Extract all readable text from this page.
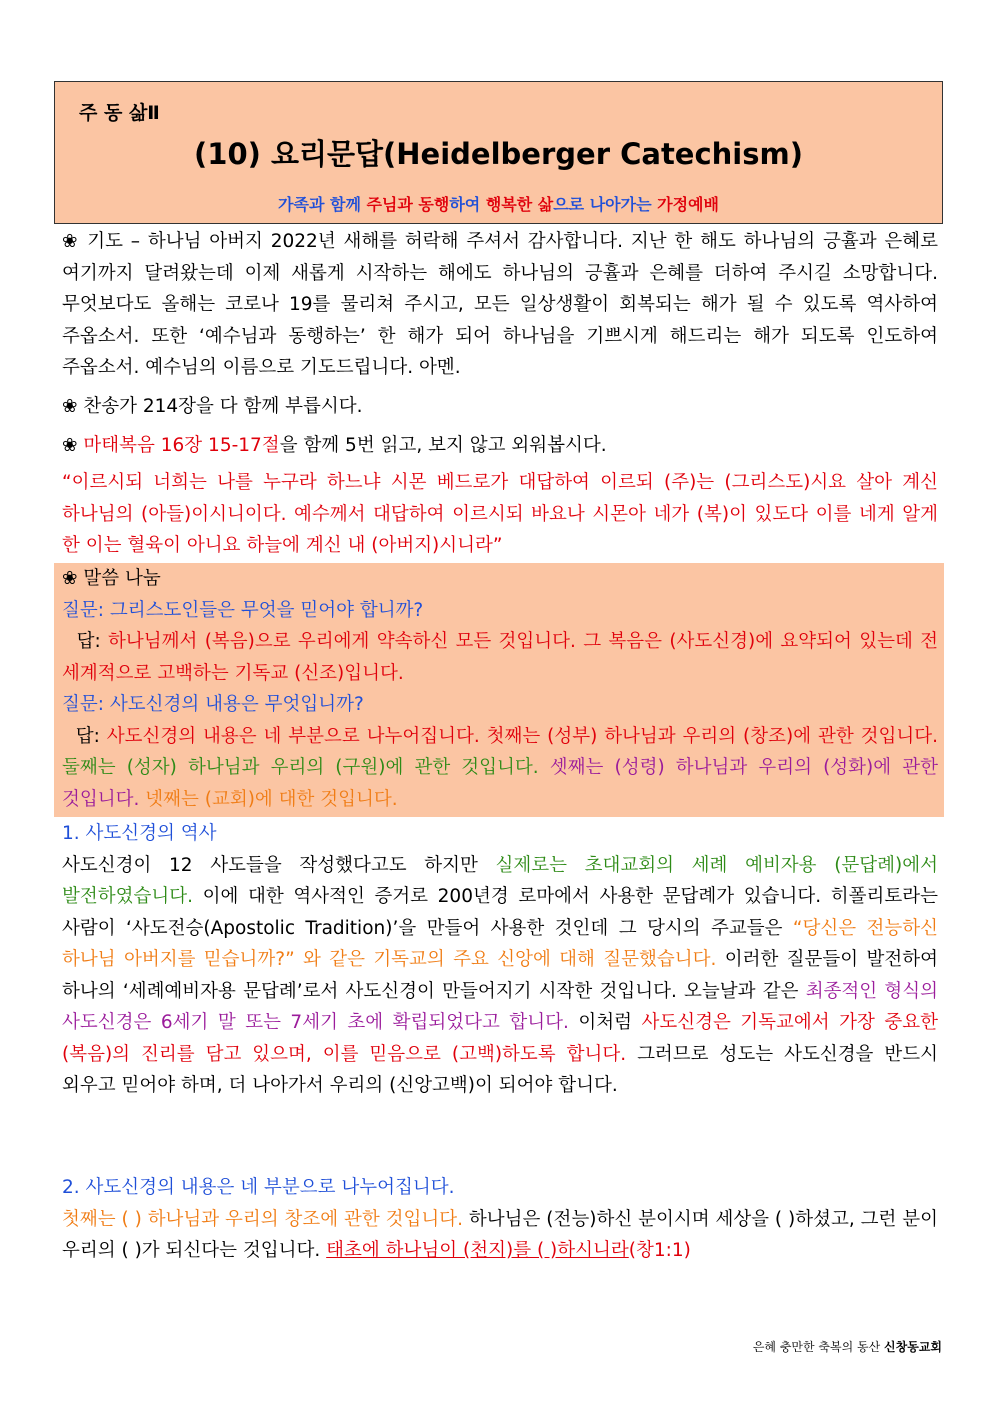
주 동 삶Ⅱ
(10) 요리문답(Heidelberger Catechism)
가족과 함께 주님과 동행하여 행복한 삶으로 나아가는 가정예배
❀ 기도 – 하나님 아버지 2022년 새해를 허락해 주셔서 감사합니다. 지난 한 해도 하나님의 긍휼과 은혜로 여기까지 달려왔는데 이제 새롭게 시작하는 해에도 하나님의 긍휼과 은혜를 더하여 주시길 소망합니다. 무엇보다도 올해는 코로나 19를 물리쳐 주시고, 모든 일상생활이 회복되는 해가 될 수 있도록 역사하여 주옵소서. 또한 ‘예수님과 동행하는’ 한 해가 되어 하나님을 기쁘시게 해드리는 해가 되도록 인도하여 주옵소서. 예수님의 이름으로 기도드립니다. 아멘.
❀ 찬송가 214장을 다 함께 부릅시다.
❀ 마태복음 16장 15-17절을 함께 5번 읽고, 보지 않고 외워봅시다.
“이르시되 너희는 나를 누구라 하느냐 시몬 베드로가 대답하여 이르되 (주)는 (그리스도)시요 살아 계신 하나님의 (아들)이시니이다. 예수께서 대답하여 이르시되 바요나 시몬아 네가 (복)이 있도다 이를 네게 알게 한 이는 혈육이 아니요 하늘에 계신 내 (아버지)시니라”
❀ 말씀 나눔
질문: 그리스도인들은 무엇을 믿어야 합니까?
답: 하나님께서 (복음)으로 우리에게 약속하신 모든 것입니다. 그 복음은 (사도신경)에 요약되어 있는데 전 세계적으로 고백하는 기독교 (신조)입니다.
질문: 사도신경의 내용은 무엇입니까?
답: 사도신경의 내용은 네 부분으로 나누어집니다. 첫째는 (성부) 하나님과 우리의 (창조)에 관한 것입니다. 둘째는 (성자) 하나님과 우리의 (구원)에 관한 것입니다. 셋째는 (성령) 하나님과 우리의 (성화)에 관한 것입니다. 넷째는 (교회)에 대한 것입니다.
1. 사도신경의 역사
사도신경이 12 사도들을 작성했다고도 하지만 실제로는 초대교회의 세례 예비자용 (문답례)에서 발전하였습니다. 이에 대한 역사적인 증거로 200년경 로마에서 사용한 문답례가 있습니다. 히폴리토라는 사람이 ‘사도전승(Apostolic Tradition)’을 만들어 사용한 것인데 그 당시의 주교들은 “당신은 전능하신 하나님 아버지를 믿습니까?” 와 같은 기독교의 주요 신앙에 대해 질문했습니다. 이러한 질문들이 발전하여 하나의 ‘세례예비자용 문답례’로서 사도신경이 만들어지기 시작한 것입니다. 오늘날과 같은 최종적인 형식의 사도신경은 6세기 말 또는 7세기 초에 확립되었다고 합니다. 이처럼 사도신경은 기독교에서 가장 중요한 (복음)의 진리를 담고 있으며, 이를 믿음으로 (고백)하도록 합니다. 그러므로 성도는 사도신경을 반드시 외우고 믿어야 하며, 더 나아가서 우리의 (신앙고백)이 되어야 합니다.
2. 사도신경의 내용은 네 부분으로 나누어집니다.
첫째는 ( ) 하나님과 우리의 창조에 관한 것입니다. 하나님은 (전능)하신 분이시며 세상을 ( )하셨고, 그런 분이 우리의 ( )가 되신다는 것입니다. 태초에 하나님이 (천지)를 ( )하시니라(창1:1)
은혜 충만한 축복의 동산 신창동교회
